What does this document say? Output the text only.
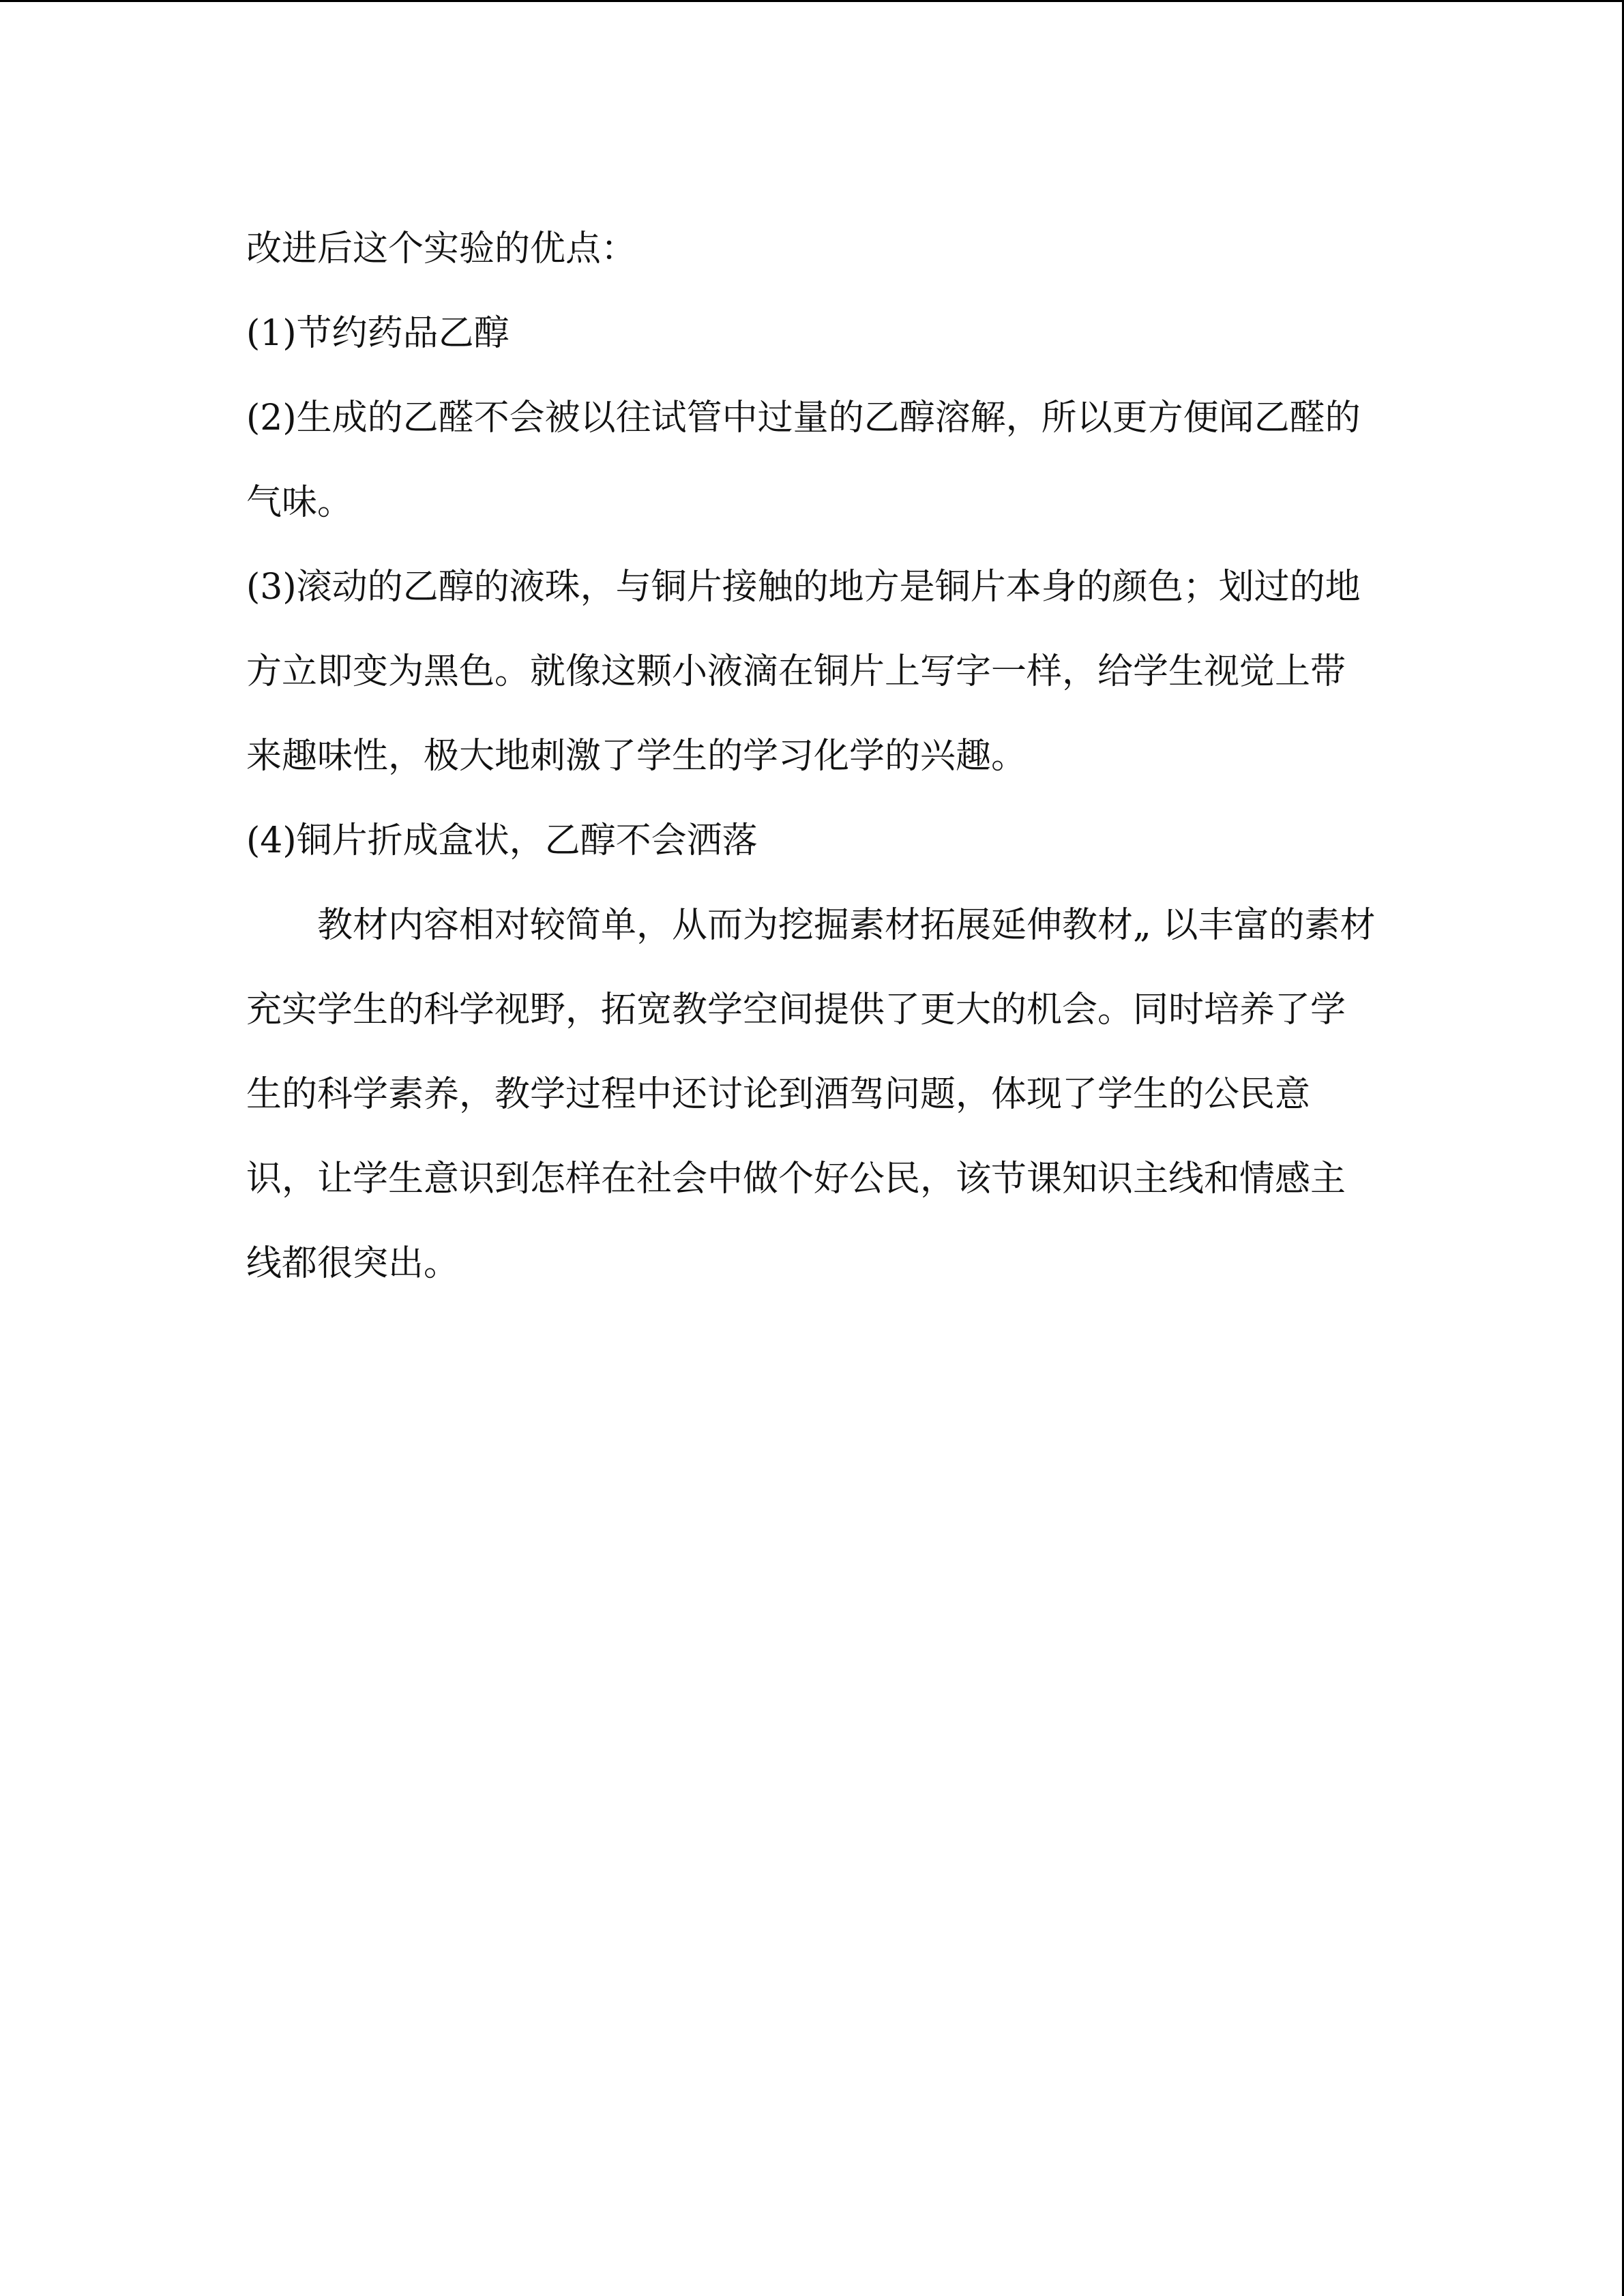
改进后这个实验的优点：

(1)节约药品乙醇

(2)生成的乙醛不会被以往试管中过量的乙醇溶解，所以更方便闻乙醛的气味。

(3)滚动的乙醇的液珠，与铜片接触的地方是铜片本身的颜色；划过的地方立即变为黑色。就像这颗小液滴在铜片上写字一样，给学生视觉上带来趣味性，极大地刺激了学生的学习化学的兴趣。

(4)铜片折成盒状，乙醇不会洒落

教材内容相对较简单，从而为挖掘素材拓展延伸教材„ 以丰富的素材充实学生的科学视野，拓宽教学空间提供了更大的机会。同时培养了学生的科学素养，教学过程中还讨论到酒驾问题，体现了学生的公民意识，让学生意识到怎样在社会中做个好公民，该节课知识主线和情感主线都很突出。
